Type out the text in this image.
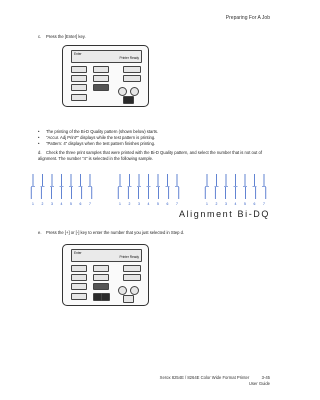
Preparing For A Job
c. Press the [Enter] key.
Enter
Printer Ready
• The printing of the Bi-D Quality pattern (shown below) starts.
• "Accur. Adj Print*" displays while the test pattern is printing.
• "Pattern: 4" displays when the test pattern finishes printing.
d. Check the three print samples that were printed with the Bi-D Quality pattern, and select the number that is not out of alignment. The number "4" is selected in the following sample.
1 2 3 4 5 6 7	1 2 3 4 5 6 7	1 2 3 4 5 6 7
Alignment Bi-DQ
e. Press the [+] or [-] key to enter the number that you just selected in Step d.
Enter
Printer Ready
Xerox 8254E / 8264E Color Wide Format Printer	3-45
User Guide
